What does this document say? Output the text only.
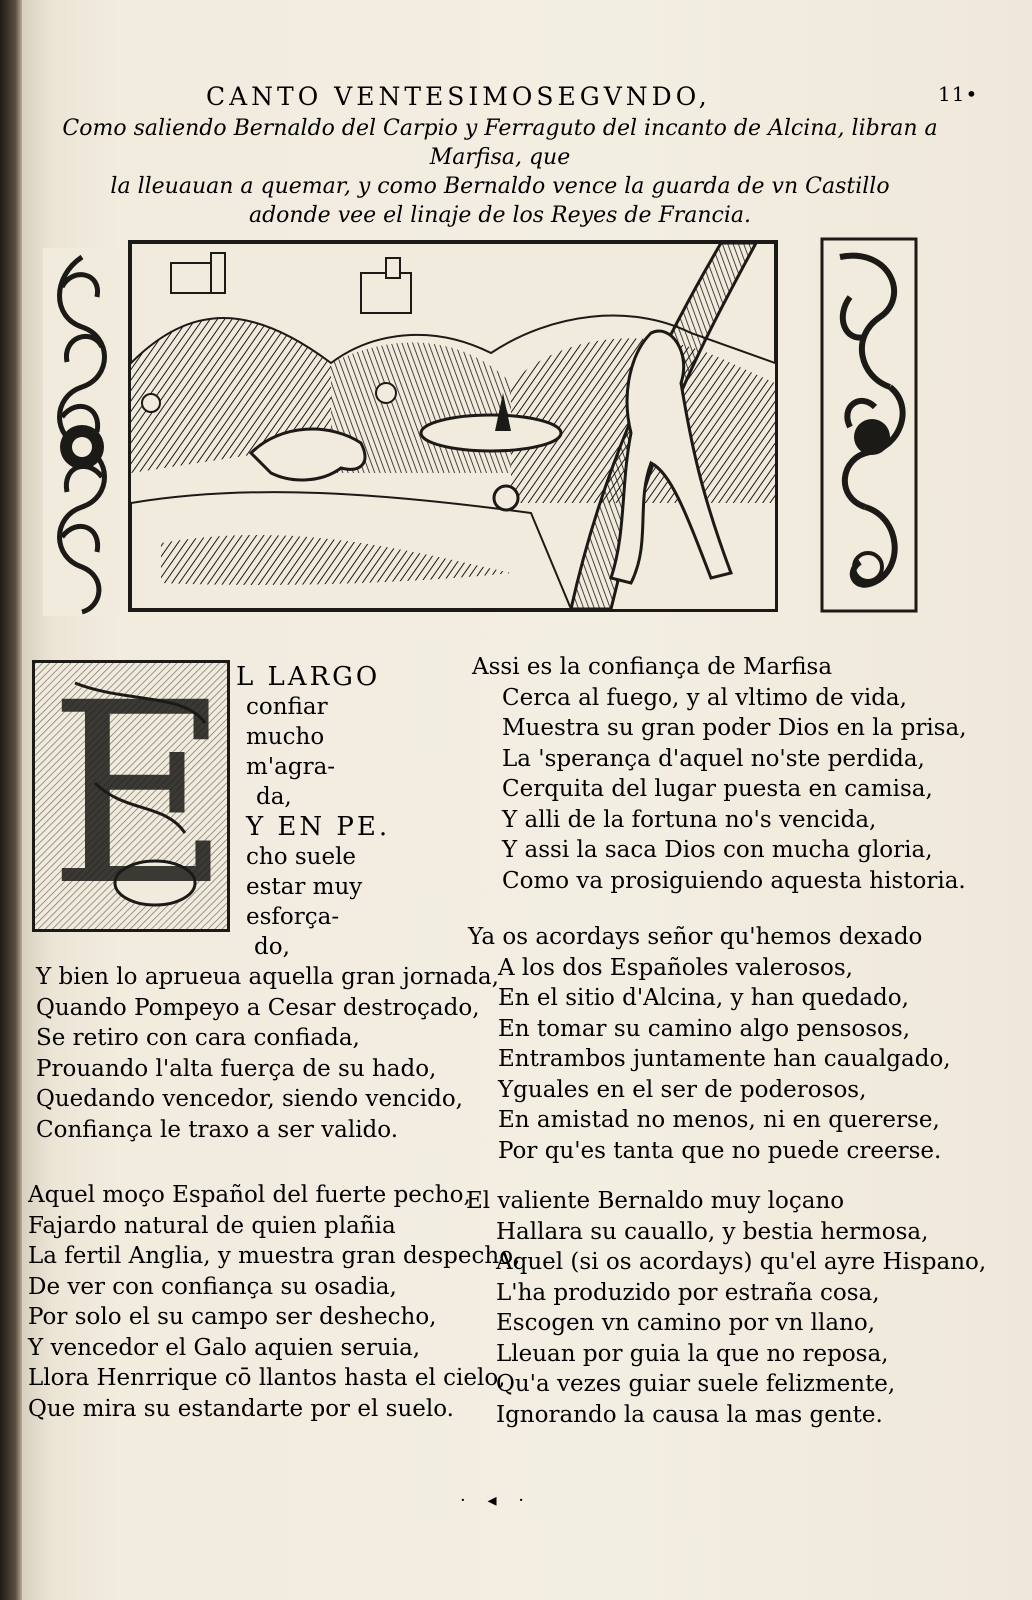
CANTO VENTESIMOSEGVNDO,	11•
Como saliendo Bernaldo del Carpio y Ferraguto del incanto de Alcina, libran a Marfisa, que
la lleuauan a quemar, y como Bernaldo vence la guarda de vn Castillo
adonde vee el linaje de los Reyes de Francia.
E L LARGO
confiar
mucho
m'agra-
da,
Y EN PE.
cho suele
estar muy
esforça-
do,
Y bien lo aprueua aquella gran jornada,
Quando Pompeyo a Cesar destroçado,
Se retiro con cara confiada,
Prouando l'alta fuerça de su hado,
Quedando vencedor, siendo vencido,
Confiança le traxo a ser valido.
Aquel moço Español del fuerte pecho,
Fajardo natural de quien plañia
La fertil Anglia, y muestra gran despecho,
De ver con confiança su osadia,
Por solo el su campo ser deshecho,
Y vencedor el Galo aquien seruia,
Llora Henrrique cō llantos hasta el cielo,
Que mira su estandarte por el suelo.
Assi es la confiança de Marfisa
Cerca al fuego, y al vltimo de vida,
Muestra su gran poder Dios en la prisa,
La 'sperança d'aquel no'ste perdida,
Cerquita del lugar puesta en camisa,
Y alli de la fortuna no's vencida,
Y assi la saca Dios con mucha gloria,
Como va prosiguiendo aquesta historia.
Ya os acordays señor qu'hemos dexado
A los dos Españoles valerosos,
En el sitio d'Alcina, y han quedado,
En tomar su camino algo pensosos,
Entrambos juntamente han caualgado,
Yguales en el ser de poderosos,
En amistad no menos, ni en quererse,
Por qu'es tanta que no puede creerse.
El valiente Bernaldo muy loçano
Hallara su cauallo, y bestia hermosa,
Aquel (si os acordays) qu'el ayre Hispano,
L'ha produzido por estraña cosa,
Escogen vn camino por vn llano,
Lleuan por guia la que no reposa,
Qu'a vezes guiar suele felizmente,
Ignorando la causa la mas gente.
· ◂ ·
